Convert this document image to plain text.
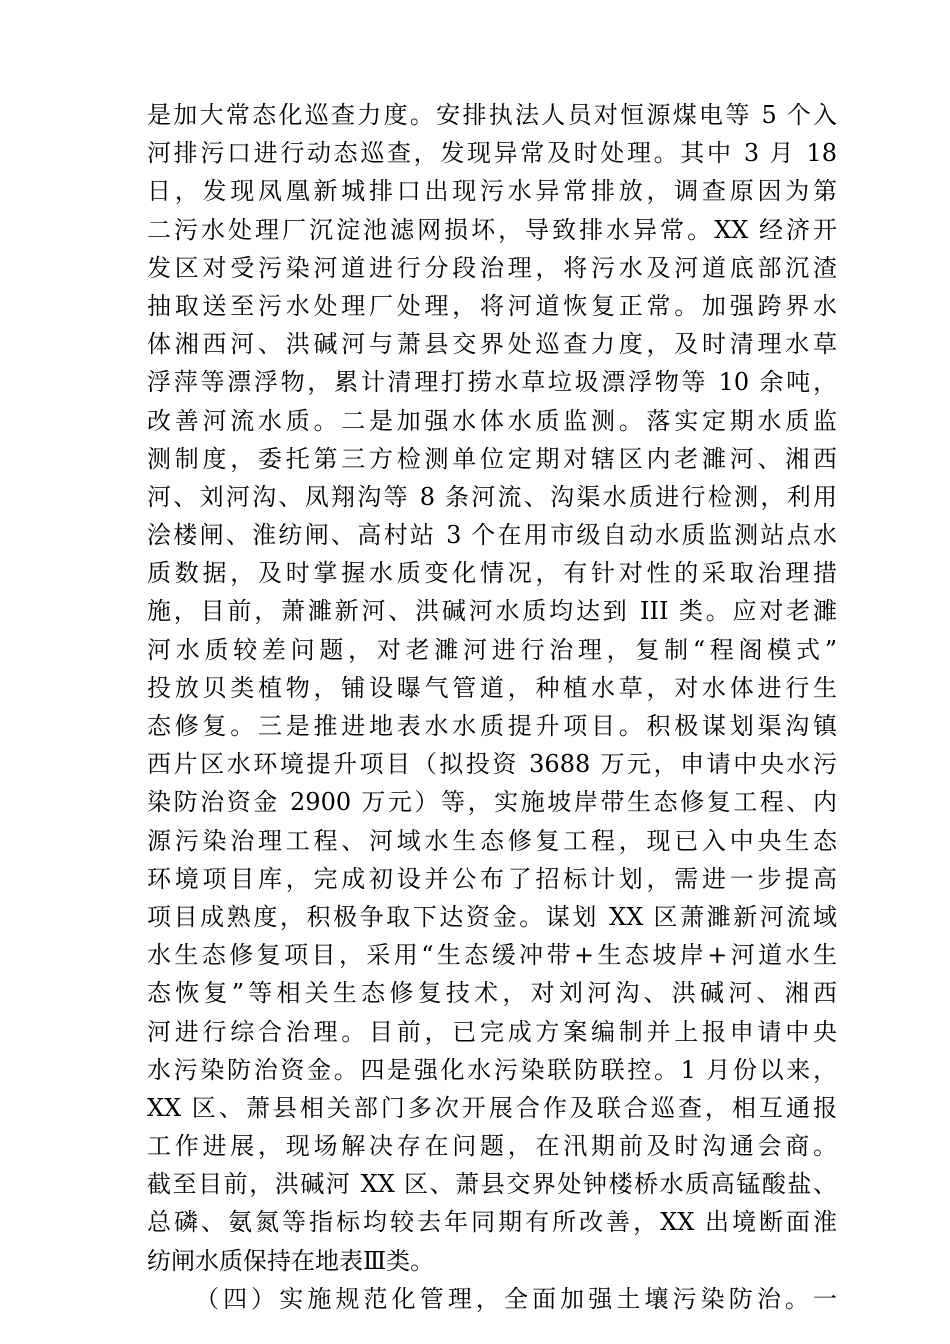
是加大常态化巡查力度。安排执法人员对恒源煤电等 5 个入
河排污口进行动态巡查，发现异常及时处理。其中 3 月 18
日，发现凤凰新城排口出现污水异常排放，调查原因为第
二污水处理厂沉淀池滤网损坏，导致排水异常。XX 经济开
发区对受污染河道进行分段治理，将污水及河道底部沉渣
抽取送至污水处理厂处理，将河道恢复正常。加强跨界水
体湘西河、洪碱河与萧县交界处巡查力度，及时清理水草
浮萍等漂浮物，累计清理打捞水草垃圾漂浮物等 10 余吨，
改善河流水质。二是加强水体水质监测。落实定期水质监
测制度，委托第三方检测单位定期对辖区内老濉河、湘西
河、刘河沟、凤翔沟等 8 条河流、沟渠水质进行检测，利用
浍楼闸、淮纺闸、高村站 3 个在用市级自动水质监测站点水
质数据，及时掌握水质变化情况，有针对性的采取治理措
施，目前，萧濉新河、洪碱河水质均达到 III 类。应对老濉
河水质较差问题，对老濉河进行治理，复制“程阁模式”
投放贝类植物，铺设曝气管道，种植水草，对水体进行生
态修复。三是推进地表水水质提升项目。积极谋划渠沟镇
西片区水环境提升项目（拟投资 3688 万元，申请中央水污
染防治资金 2900 万元）等，实施坡岸带生态修复工程、内
源污染治理工程、河域水生态修复工程，现已入中央生态
环境项目库，完成初设并公布了招标计划，需进一步提高
项目成熟度，积极争取下达资金。谋划 XX 区萧濉新河流域
水生态修复项目，采用“生态缓冲带+生态坡岸+河道水生
态恢复”等相关生态修复技术，对刘河沟、洪碱河、湘西
河进行综合治理。目前，已完成方案编制并上报申请中央
水污染防治资金。四是强化水污染联防联控。1 月份以来，
XX 区、萧县相关部门多次开展合作及联合巡查，相互通报
工作进展，现场解决存在问题，在汛期前及时沟通会商。
截至目前，洪碱河 XX 区、萧县交界处钟楼桥水质高锰酸盐、
总磷、氨氮等指标均较去年同期有所改善，XX 出境断面淮
纺闸水质保持在地表Ⅲ类。
（四）实施规范化管理，全面加强土壤污染防治。一
